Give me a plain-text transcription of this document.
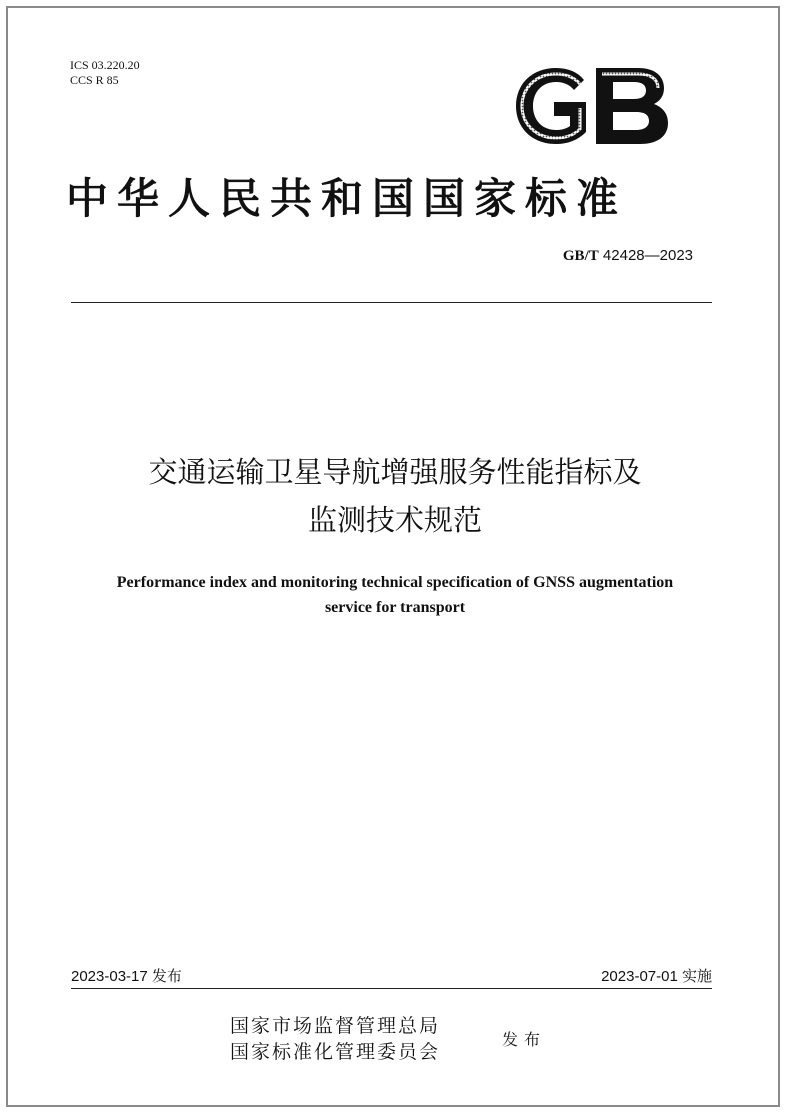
ICS 03.220.20
CCS R 85
中华人民共和国国家标准
GB/T 42428—2023
交通运输卫星导航增强服务性能指标及
监测技术规范
Performance index and monitoring technical specification of GNSS augmentation
service for transport
2023-03-17 发布	2023-07-01 实施
国家市场监督管理总局
国家标准化管理委员会
发布
